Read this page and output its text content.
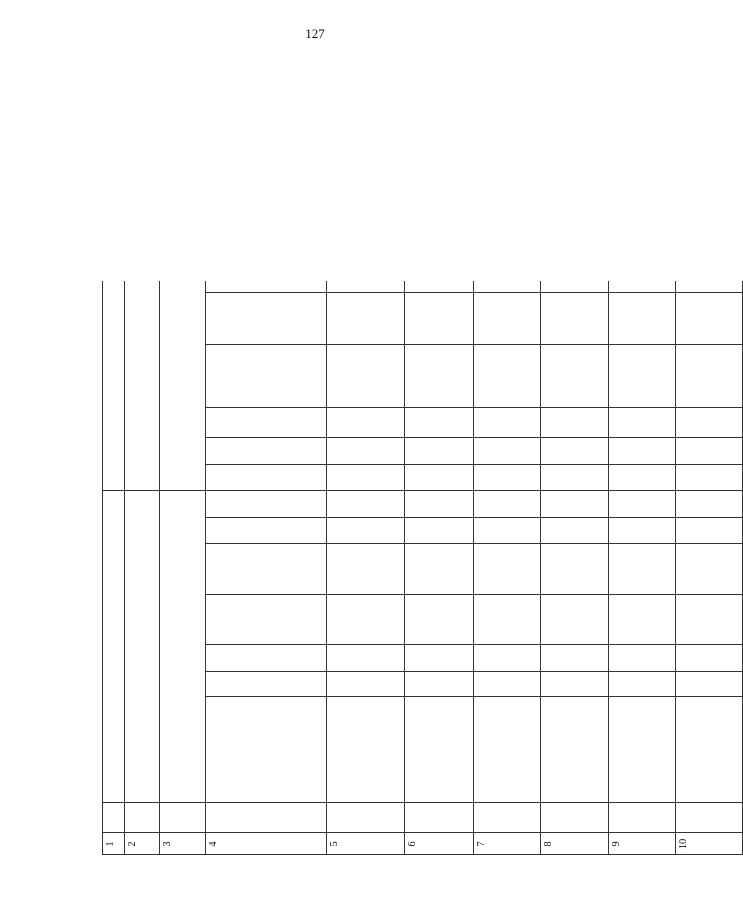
127
1	2	3	4	5	6	7	8	9	10
